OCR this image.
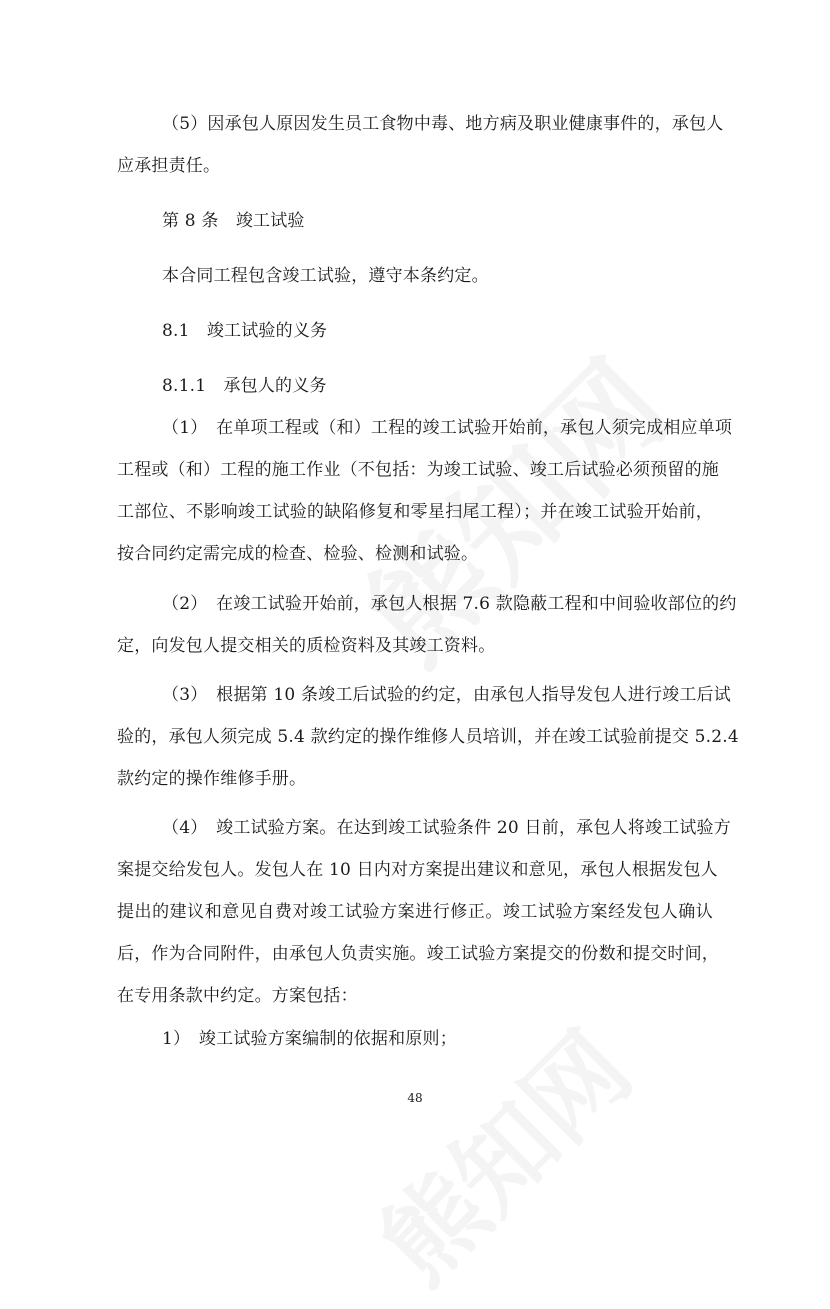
（5）因承包人原因发生员工食物中毒、地方病及职业健康事件的，承包人
应承担责任。
第 8 条　竣工试验
本合同工程包含竣工试验，遵守本条约定。
8.1　竣工试验的义务
8.1.1　承包人的义务
（1）　在单项工程或（和）工程的竣工试验开始前，承包人须完成相应单项
工程或（和）工程的施工作业（不包括：为竣工试验、竣工后试验必须预留的施
工部位、不影响竣工试验的缺陷修复和零星扫尾工程）；并在竣工试验开始前，
按合同约定需完成的检查、检验、检测和试验。
（2）　在竣工试验开始前，承包人根据 7.6 款隐蔽工程和中间验收部位的约
定，向发包人提交相关的质检资料及其竣工资料。
（3）　根据第 10 条竣工后试验的约定，由承包人指导发包人进行竣工后试
验的，承包人须完成 5.4 款约定的操作维修人员培训，并在竣工试验前提交 5.2.4
款约定的操作维修手册。
（4）　竣工试验方案。在达到竣工试验条件 20 日前，承包人将竣工试验方
案提交给发包人。发包人在 10 日内对方案提出建议和意见，承包人根据发包人
提出的建议和意见自费对竣工试验方案进行修正。竣工试验方案经发包人确认
后，作为合同附件，由承包人负责实施。竣工试验方案提交的份数和提交时间，
在专用条款中约定。方案包括：
1）　竣工试验方案编制的依据和原则；
48
